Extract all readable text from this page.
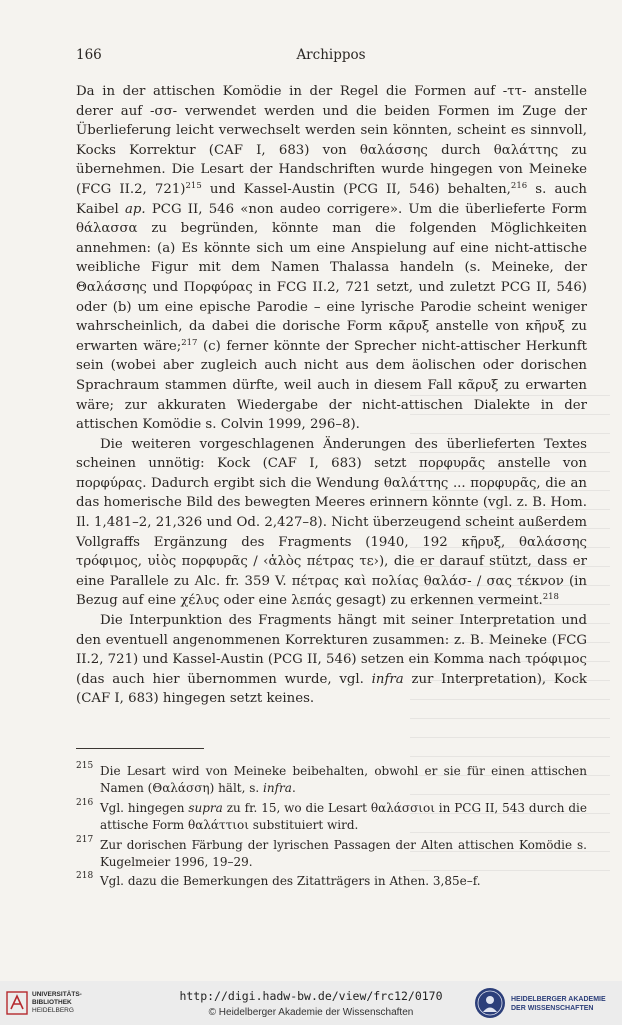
166	Archippos

Da in der attischen Komödie in der Regel die Formen auf -ττ- anstelle derer auf -σσ- verwendet werden und die beiden Formen im Zuge der Überlieferung leicht verwechselt werden sein könnten, scheint es sinnvoll, Kocks Korrektur (CAF I, 683) von θαλάσσης durch θαλάττης zu übernehmen. Die Lesart der Handschriften wurde hingegen von Meineke (FCG II.2, 721)$^{215}$ und Kassel-Austin (PCG II, 546) behalten,$^{216}$ s. auch Kaibel ap. PCG II, 546 «non audeo corrigere». Um die überlieferte Form θάλασσα zu begründen, könnte man die folgenden Möglichkeiten annehmen: (a) Es könnte sich um eine Anspielung auf eine nicht-attische weibliche Figur mit dem Namen Thalassa handeln (s. Meineke, der Θαλάσσης und Πορφύρας in FCG II.2, 721 setzt, und zuletzt PCG II, 546) oder (b) um eine epische Parodie – eine lyrische Parodie scheint weniger wahrscheinlich, da dabei die dorische Form κᾶρυξ anstelle von κῆρυξ zu erwarten wäre;$^{217}$ (c) ferner könnte der Sprecher nicht-attischer Herkunft sein (wobei aber zugleich auch nicht aus dem äolischen oder dorischen Sprachraum stammen dürfte, weil auch in diesem Fall κᾶρυξ zu erwarten wäre; zur akkuraten Wiedergabe der nicht-attischen Dialekte in der attischen Komödie s. Colvin 1999, 296–8).

Die weiteren vorgeschlagenen Änderungen des überlieferten Textes scheinen unnötig: Kock (CAF I, 683) setzt πορφυρᾶς anstelle von πορφύρας. Dadurch ergibt sich die Wendung θαλάττης ... πορφυρᾶς, die an das homerische Bild des bewegten Meeres erinnern könnte (vgl. z. B. Hom. Il. 1,481–2, 21,326 und Od. 2,427–8). Nicht überzeugend scheint außerdem Vollgraffs Ergänzung des Fragments (1940, 192 κῆρυξ, θαλάσσης τρόφιμος, υἱὸς πορφυρᾶς / ‹ἁλὸς πέτρας τε›), die er darauf stützt, dass er eine Parallele zu Alc. fr. 359 V. πέτρας καὶ πολίας θαλάσ- / σας τέκνον (in Bezug auf eine χέλυς oder eine λεπάς gesagt) zu erkennen vermeint.$^{218}$

Die Interpunktion des Fragments hängt mit seiner Interpretation und den eventuell angenommenen Korrekturen zusammen: z. B. Meineke (FCG II.2, 721) und Kassel-Austin (PCG II, 546) setzen ein Komma nach τρόφιμος (das auch hier übernommen wurde, vgl. infra zur Interpretation), Kock (CAF I, 683) hingegen setzt keines.

215 Die Lesart wird von Meineke beibehalten, obwohl er sie für einen attischen Namen (Θαλάσση) hält, s. infra.
216 Vgl. hingegen supra zu fr. 15, wo die Lesart θαλάσσιοι in PCG II, 543 durch die attische Form θαλάττιοι substituiert wird.
217 Zur dorischen Färbung der lyrischen Passagen der Alten attischen Komödie s. Kugelmeier 1996, 19–29.
218 Vgl. dazu die Bemerkungen des Zitatträgers in Athen. 3,85e–f.
UNIVERSITÄTS-
BIBLIOTHEK
HEIDELBERG
http://digi.hadw-bw.de/view/frc12/0170
© Heidelberger Akademie der Wissenschaften
HEIDELBERGER AKADEMIE
DER WISSENSCHAFTEN
